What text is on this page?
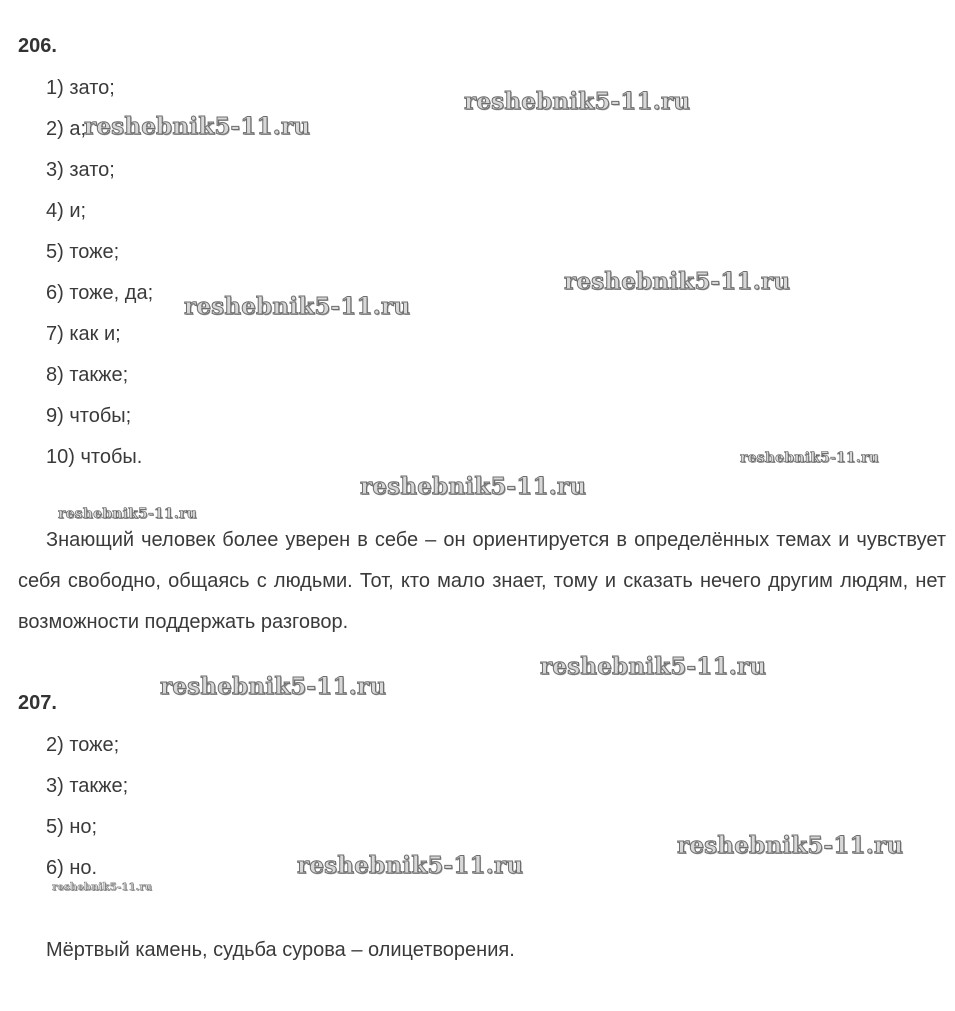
206.
1) зато;
2) а;
3) зато;
4) и;
5) тоже;
6) тоже, да;
7) как и;
8) также;
9) чтобы;
10) чтобы.
Знающий человек более уверен в себе – он ориентируется в определённых темах и чувствует себя свободно, общаясь с людьми. Тот, кто мало знает, тому и сказать нечего другим людям, нет возможности поддержать разговор.
207.
2) тоже;
3) также;
5) но;
6) но.
Мёртвый камень, судьба сурова – олицетворения.
reshebnik5-11.ru
reshebnik5-11.ru
reshebnik5-11.ru
reshebnik5-11.ru
reshebnik5-11.ru
reshebnik5-11.ru
reshebnik5-11.ru
reshebnik5-11.ru
reshebnik5-11.ru
reshebnik5-11.ru
reshebnik5-11.ru
reshebnik5-11.ru
